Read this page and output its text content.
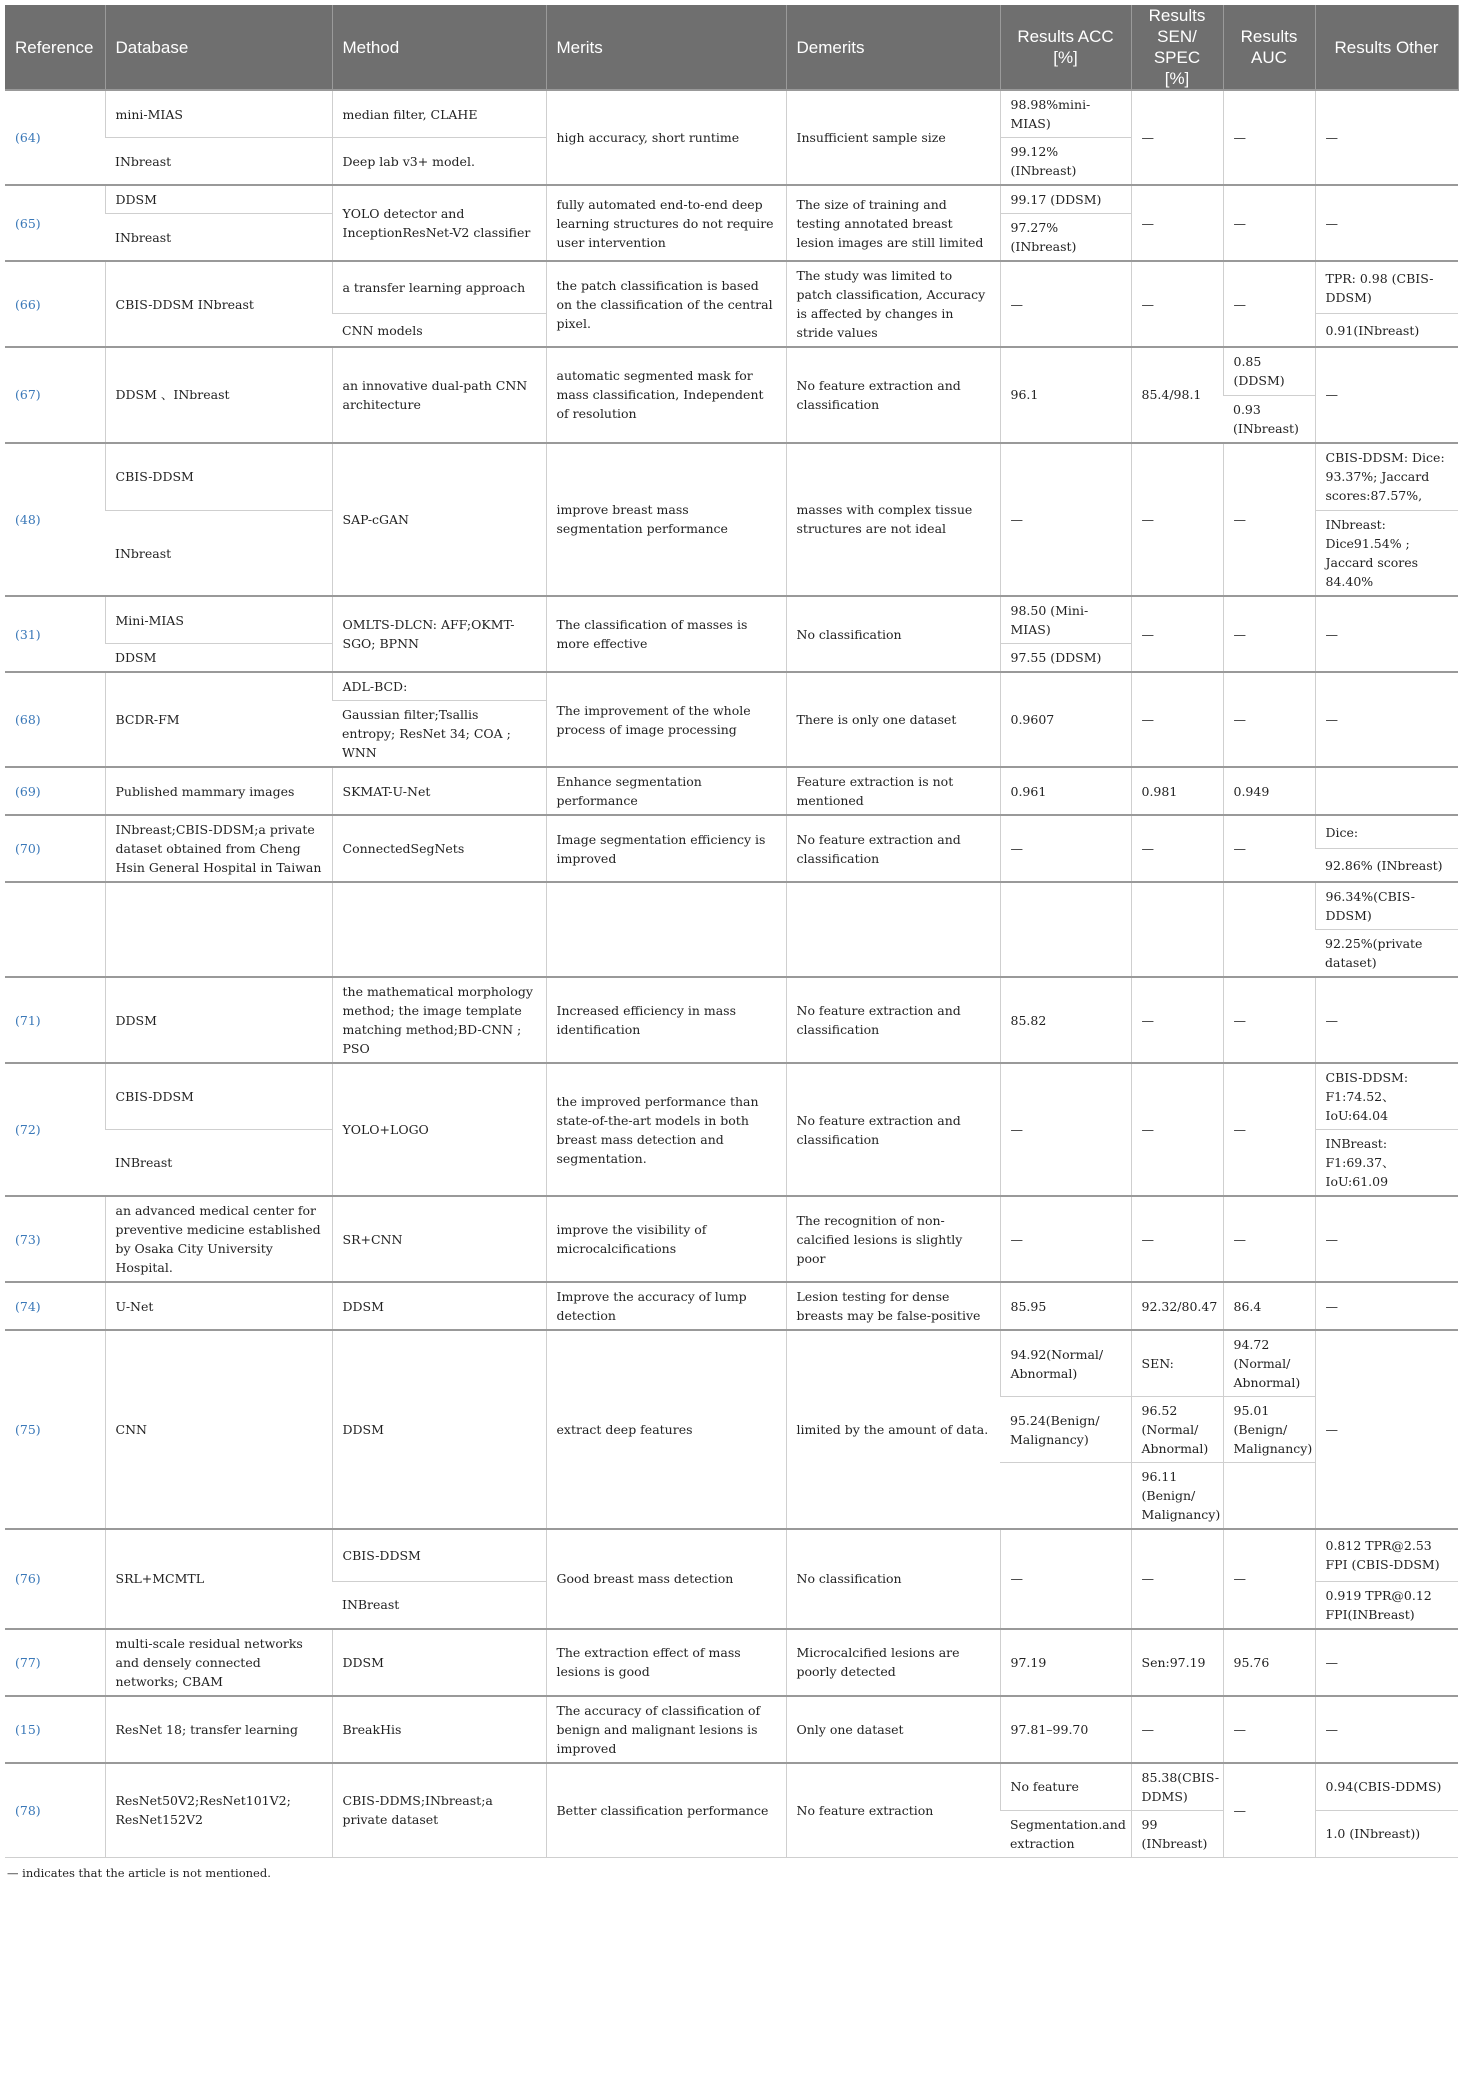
Reference	Database	Method	Merits	Demerits	Results ACC [%]	Results SEN/ SPEC [%]	Results AUC	Results Other
(64)	mini-MIAS	median filter, CLAHE	high accuracy, short runtime	Insufficient sample size	98.98%mini-MIAS)	—	—	—
	INbreast	Deep lab v3+ model.			99.12% (INbreast)			
(65)	DDSM	YOLO detector and InceptionResNet-V2 classifier	fully automated end-to-end deep learning structures do not require user intervention	The size of training and testing annotated breast lesion images are still limited	99.17 (DDSM)	—	—	—
	INbreast				97.27% (INbreast)			
(66)	CBIS-DDSM INbreast	a transfer learning approach	the patch classification is based on the classification of the central pixel.	The study was limited to patch classification, Accuracy is affected by changes in stride values	—	—	—	TPR: 0.98 (CBIS-DDSM)
		CNN models						0.91(INbreast)
(67)	DDSM 、INbreast	an innovative dual-path CNN architecture	automatic segmented mask for mass classification, Independent of resolution	No feature extraction and classification	96.1	85.4/98.1	0.85 (DDSM)	—
							0.93 (INbreast)	
(48)	CBIS-DDSM	SAP-cGAN	improve breast mass segmentation performance	masses with complex tissue structures are not ideal	—	—	—	CBIS-DDSM: Dice: 93.37%; Jaccard scores:87.57%,
	INbreast							INbreast: Dice91.54% ; Jaccard scores 84.40%
(31)	Mini-MIAS	OMLTS-DLCN: AFF;OKMT-SGO; BPNN	The classification of masses is more effective	No classification	98.50 (Mini-MIAS)	—	—	—
	DDSM				97.55 (DDSM)			
(68)	BCDR-FM	ADL-BCD:	The improvement of the whole process of image processing	There is only one dataset	0.9607	—	—	—
		Gaussian filter;Tsallis entropy; ResNet 34; COA ; WNN						
(69)	Published mammary images	SKMAT-U-Net	Enhance segmentation performance	Feature extraction is not mentioned	0.961	0.981	0.949	
(70)	INbreast;CBIS-DDSM;a private dataset obtained from Cheng Hsin General Hospital in Taiwan	ConnectedSegNets	Image segmentation efficiency is improved	No feature extraction and classification	—	—	—	Dice:
								92.86% (INbreast)
								96.34%(CBIS-DDSM)
								92.25%(private dataset)
(71)	DDSM	the mathematical morphology method; the image template matching method;BD-CNN ; PSO	Increased efficiency in mass identification	No feature extraction and classification	85.82	—	—	—
(72)	CBIS-DDSM	YOLO+LOGO	the improved performance than state-of-the-art models in both breast mass detection and segmentation.	No feature extraction and classification	—	—	—	CBIS-DDSM: F1:74.52、IoU:64.04
	INBreast							INBreast: F1:69.37、IoU:61.09
(73)	an advanced medical center for preventive medicine established by Osaka City University Hospital.	SR+CNN	improve the visibility of microcalcifications	The recognition of non-calcified lesions is slightly poor	—	—	—	—
(74)	U-Net	DDSM	Improve the accuracy of lump detection	Lesion testing for dense breasts may be false-positive	85.95	92.32/80.47	86.4	—
(75)	CNN	DDSM	extract deep features	limited by the amount of data.	94.92(Normal/ Abnormal)	SEN:	94.72 (Normal/ Abnormal)	—
					95.24(Benign/ Malignancy)	96.52 (Normal/ Abnormal)	95.01 (Benign/ Malignancy)	
						96.11 (Benign/ Malignancy)		
(76)	SRL+MCMTL	CBIS-DDSM	Good breast mass detection	No classification	—	—	—	0.812 TPR@2.53 FPI (CBIS-DDSM)
		INBreast						0.919 TPR@0.12 FPI(INBreast)
(77)	multi-scale residual networks and densely connected networks; CBAM	DDSM	The extraction effect of mass lesions is good	Microcalcified lesions are poorly detected	97.19	Sen:97.19	95.76	—
(15)	ResNet 18; transfer learning	BreakHis	The accuracy of classification of benign and malignant lesions is improved	Only one dataset	97.81–99.70	—	—	—
(78)	ResNet50V2;ResNet101V2; ResNet152V2	CBIS-DDMS;INbreast;a private dataset	Better classification performance	No feature extraction	No feature	85.38(CBIS-DDMS)	—	0.94(CBIS-DDMS)
					Segmentation.and extraction	99 (INbreast)		1.0 (INbreast))
— indicates that the article is not mentioned.
